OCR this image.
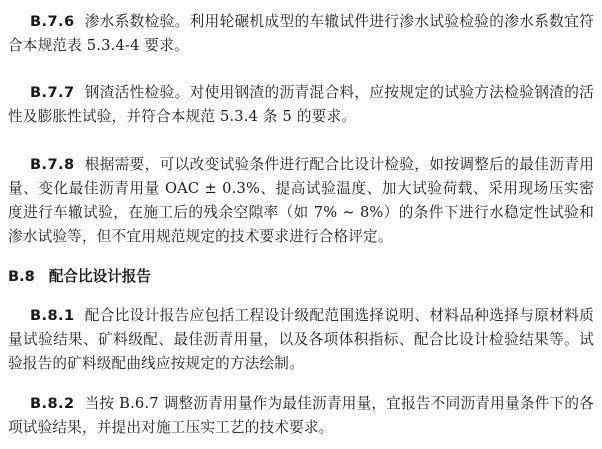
B.7.6 渗水系数检验。利用轮碾机成型的车辙试件进行渗水试验检验的渗水系数宜符合本规范表 5.3.4-4 要求。

B.7.7 钢渣活性检验。对使用钢渣的沥青混合料，应按规定的试验方法检验钢渣的活性及膨胀性试验，并符合本规范 5.3.4 条 5 的要求。

B.7.8 根据需要，可以改变试验条件进行配合比设计检验，如按调整后的最佳沥青用量、变化最佳沥青用量 OAC ± 0.3%、提高试验温度、加大试验荷载、采用现场压实密度进行车辙试验，在施工后的残余空隙率（如 7% ~ 8%）的条件下进行水稳定性试验和渗水试验等，但不宜用规范规定的技术要求进行合格评定。

B.8 配合比设计报告

B.8.1 配合比设计报告应包括工程设计级配范围选择说明、材料品种选择与原材料质量试验结果、矿料级配、最佳沥青用量，以及各项体积指标、配合比设计检验结果等。试验报告的矿料级配曲线应按规定的方法绘制。

B.8.2 当按 B.6.7 调整沥青用量作为最佳沥青用量，宜报告不同沥青用量条件下的各项试验结果，并提出对施工压实工艺的技术要求。
